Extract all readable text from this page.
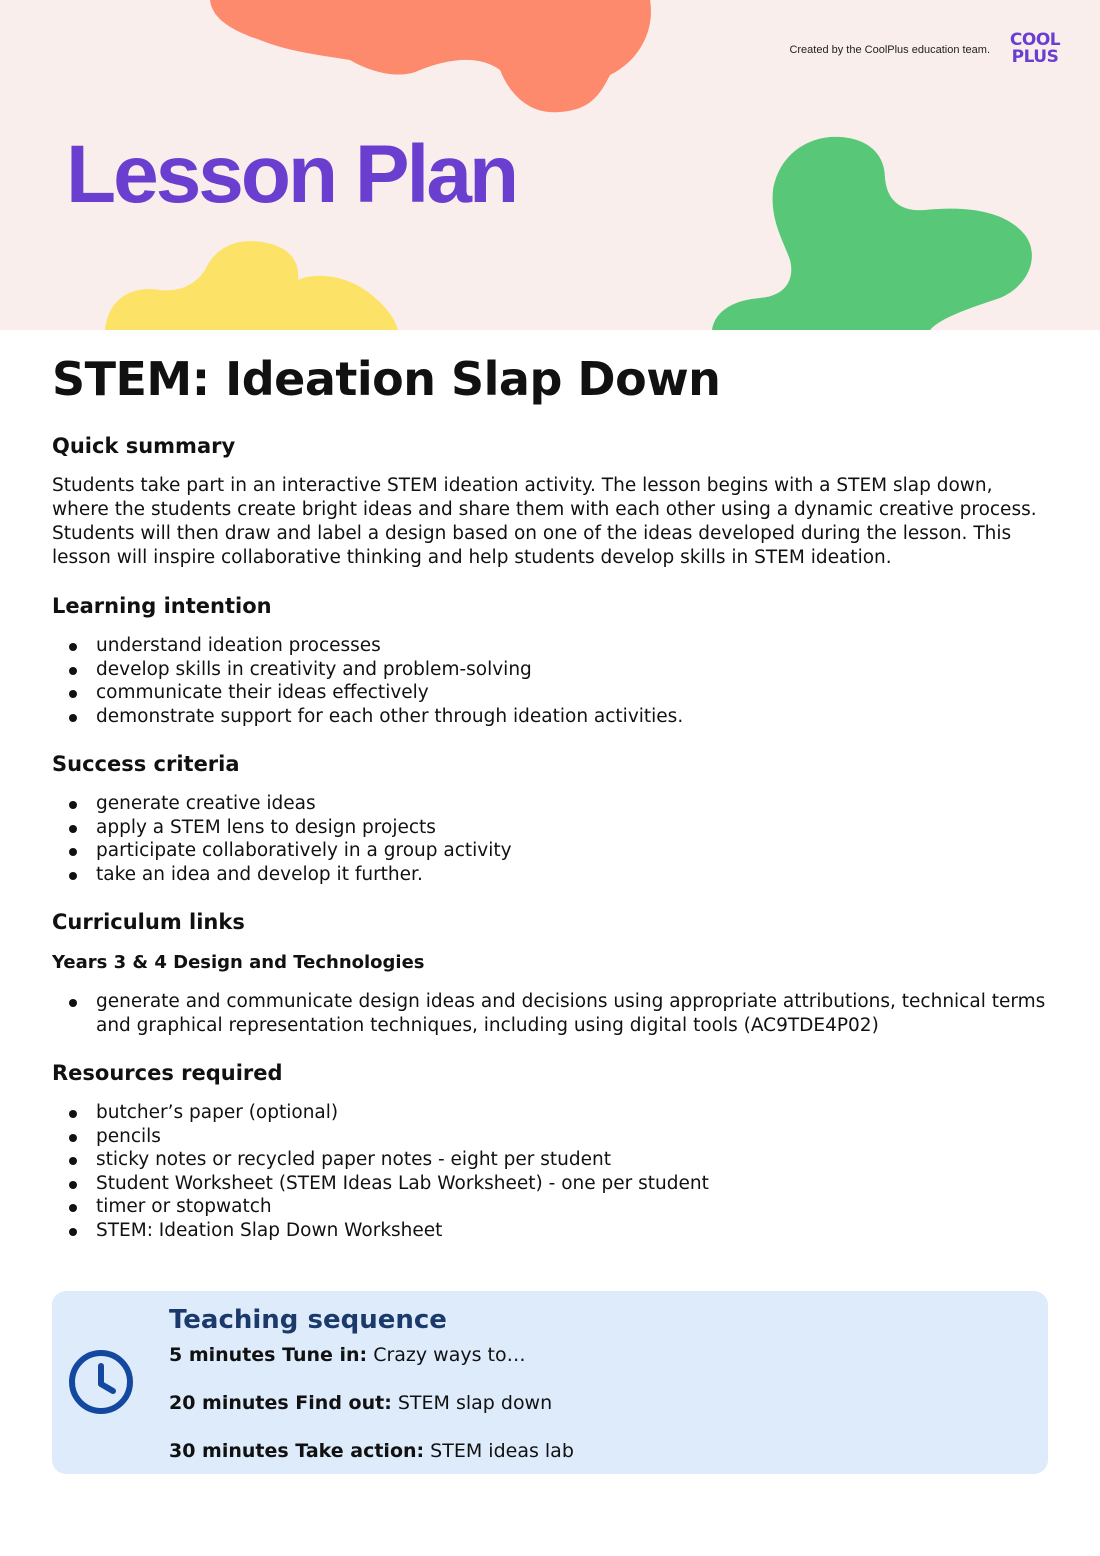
Created by the CoolPlus education team.	COOL
PLUS
Lesson Plan
STEM: Ideation Slap Down
Quick summary

Students take part in an interactive STEM ideation activity. The lesson begins with a STEM slap down, where the students create bright ideas and share them with each other using a dynamic creative process. Students will then draw and label a design based on one of the ideas developed during the lesson. This lesson will inspire collaborative thinking and help students develop skills in STEM ideation.

Learning intention
understand ideation processes
develop skills in creativity and problem-solving
communicate their ideas effectively
demonstrate support for each other through ideation activities.
Success criteria
generate creative ideas
apply a STEM lens to design projects
participate collaboratively in a group activity
take an idea and develop it further.
Curriculum links
Years 3 & 4 Design and Technologies
generate and communicate design ideas and decisions using appropriate attributions, technical terms and graphical representation techniques, including using digital tools (AC9TDE4P02)
Resources required
butcher’s paper (optional)
pencils
sticky notes or recycled paper notes - eight per student
Student Worksheet (STEM Ideas Lab Worksheet) - one per student
timer or stopwatch
STEM: Ideation Slap Down Worksheet
Teaching sequence
5 minutes Tune in: Crazy ways to…
20 minutes Find out: STEM slap down
30 minutes Take action: STEM ideas lab
